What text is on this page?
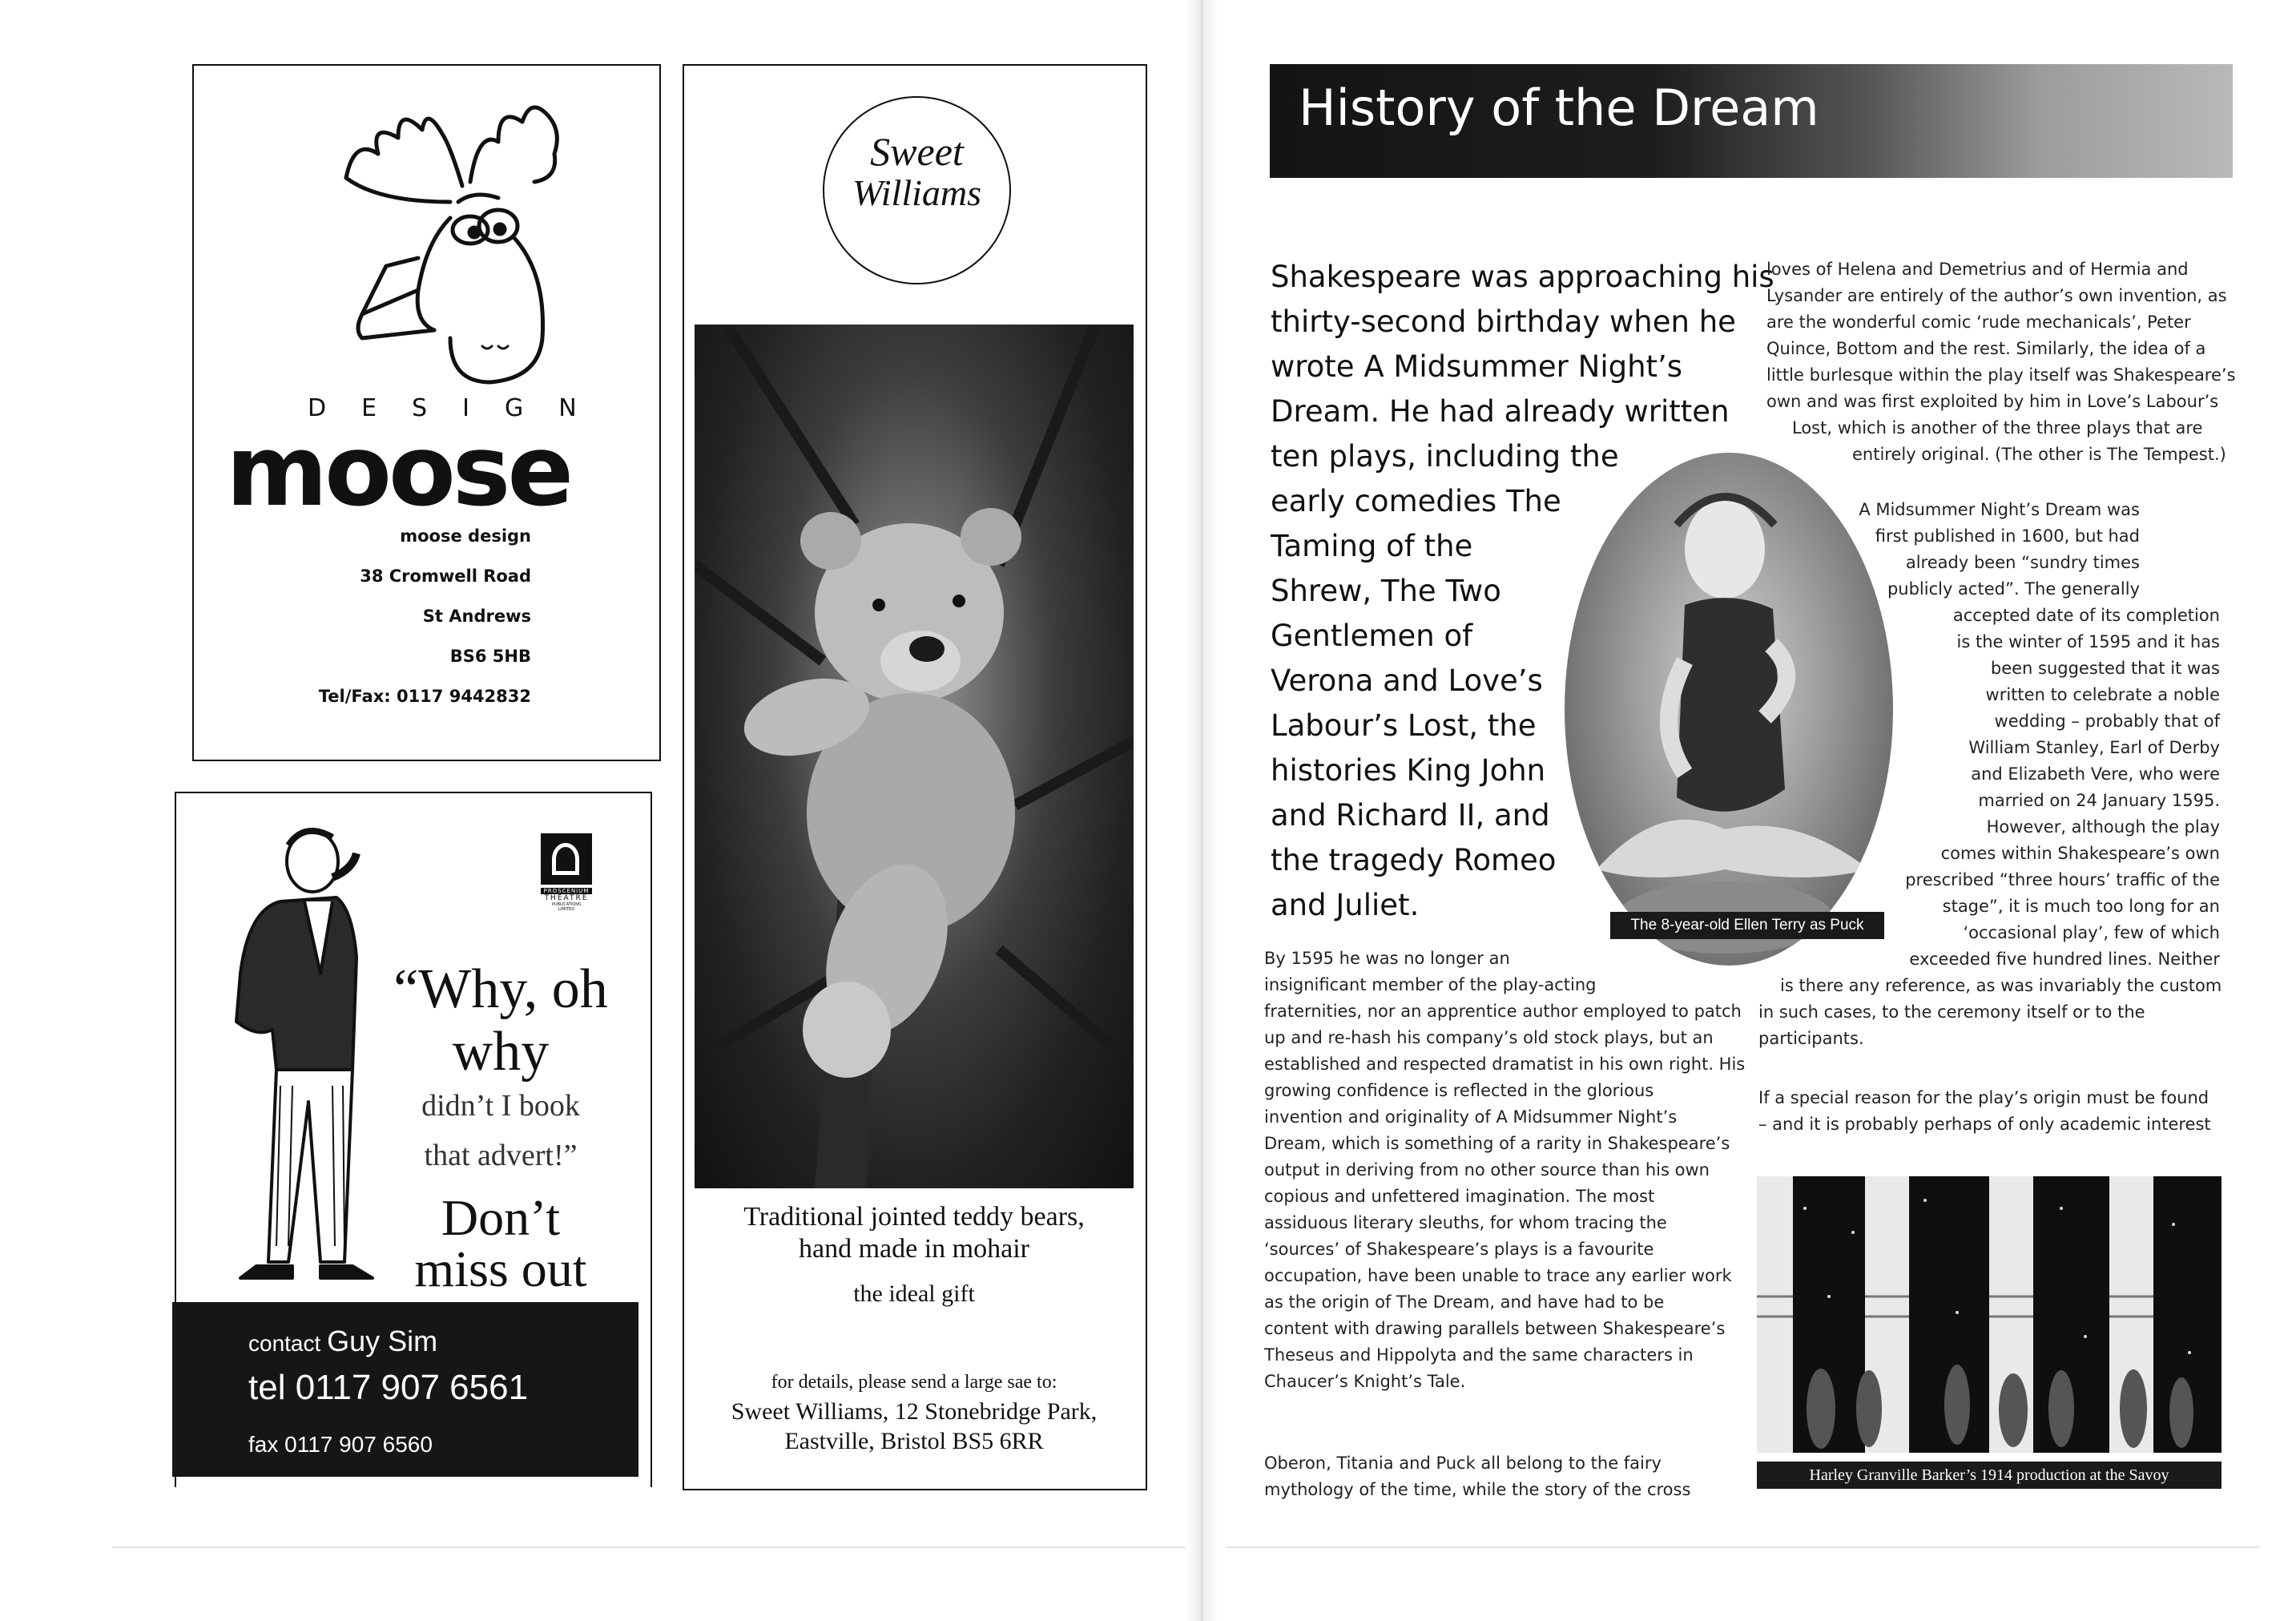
DESIGN
moose
moose design
38 Cromwell Road
St Andrews
BS6 5HB
Tel/Fax: 0117 9442832
PROSCENIUM
THEATRE
PUBLICATIONS
LIMITED
“Why, oh
why
didn’t I book
that advert!”
Don’t
miss out
contact Guy Sim
tel 0117 907 6561
fax 0117 907 6560
Sweet
Williams
Traditional jointed teddy bears,
hand made in mohair
the ideal gift
for details, please send a large sae to:
Sweet Williams, 12 Stonebridge Park,
Eastville, Bristol BS5 6RR
History of the Dream
Shakespeare was approaching his
thirty-second birthday when he
wrote A Midsummer Night’s
Dream. He had already written
ten plays, including the
early comedies The
Taming of the
Shrew, The Two
Gentlemen of
Verona and Love’s
Labour’s Lost, the
histories King John
and Richard II, and
the tragedy Romeo
and Juliet.
The 8-year-old Ellen Terry as Puck
By 1595 he was no longer an
insignificant member of the play-acting
fraternities, nor an apprentice author employed to patch
up and re-hash his company’s old stock plays, but an
established and respected dramatist in his own right. His
growing confidence is reflected in the glorious
invention and originality of A Midsummer Night’s
Dream, which is something of a rarity in Shakespeare’s
output in deriving from no other source than his own
copious and unfettered imagination. The most
assiduous literary sleuths, for whom tracing the
‘sources’ of Shakespeare’s plays is a favourite
occupation, have been unable to trace any earlier work
as the origin of The Dream, and have had to be
content with drawing parallels between Shakespeare’s
Theseus and Hippolyta and the same characters in
Chaucer’s Knight’s Tale.
Oberon, Titania and Puck all belong to the fairy
mythology of the time, while the story of the cross
loves of Helena and Demetrius and of Hermia and
Lysander are entirely of the author’s own invention, as
are the wonderful comic ‘rude mechanicals’, Peter
Quince, Bottom and the rest. Similarly, the idea of a
little burlesque within the play itself was Shakespeare’s
own and was first exploited by him in Love’s Labour’s
Lost, which is another of the three plays that are
entirely original. (The other is The Tempest.)
A Midsummer Night’s Dream was
first published in 1600, but had
already been “sundry times
publicly acted”. The generally
accepted date of its completion
is the winter of 1595 and it has
been suggested that it was
written to celebrate a noble
wedding – probably that of
William Stanley, Earl of Derby
and Elizabeth Vere, who were
married on 24 January 1595.
However, although the play
comes within Shakespeare’s own
prescribed “three hours’ traffic of the
stage”, it is much too long for an
‘occasional play’, few of which
exceeded five hundred lines. Neither
is there any reference, as was invariably the custom
in such cases, to the ceremony itself or to the
participants.
If a special reason for the play’s origin must be found
– and it is probably perhaps of only academic interest
Harley Granville Barker’s 1914 production at the Savoy
